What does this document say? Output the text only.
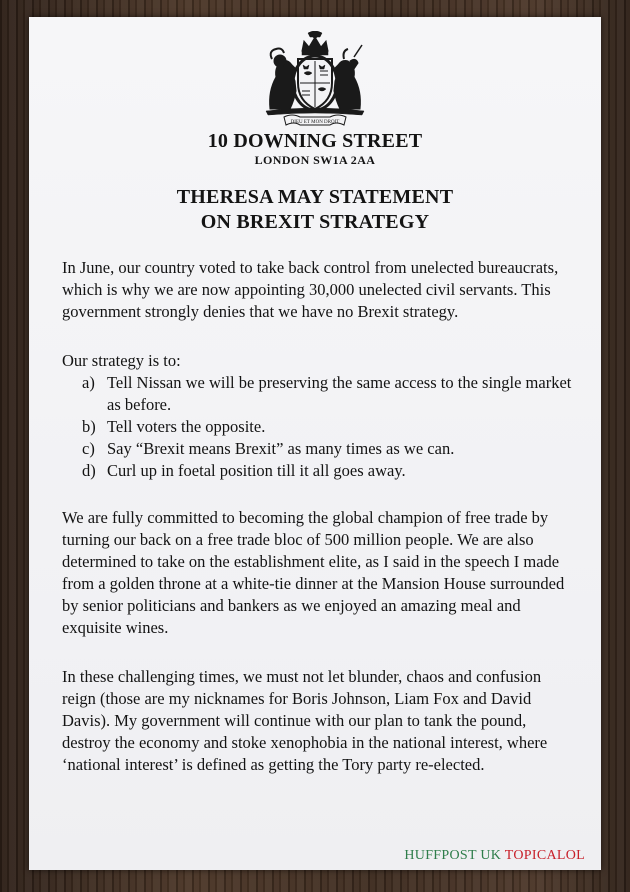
DIEU ET MON DROIT
10 DOWNING STREET
LONDON SW1A 2AA
THERESA MAY STATEMENT
ON BREXIT STRATEGY

In June, our country voted to take back control from unelected bureaucrats, which is why we are now appointing 30,000 unelected civil servants. This government strongly denies that we have no Brexit strategy.

Our strategy is to:

a) Tell Nissan we will be preserving the same access to the single market as before.
b) Tell voters the opposite.
c) Say “Brexit means Brexit” as many times as we can.
d) Curl up in foetal position till it all goes away.

We are fully committed to becoming the global champion of free trade by turning our back on a free trade bloc of 500 million people. We are also determined to take on the establishment elite, as I said in the speech I made from a golden throne at a white-tie dinner at the Mansion House surrounded by senior politicians and bankers as we enjoyed an amazing meal and exquisite wines.

In these challenging times, we must not let blunder, chaos and confusion reign (those are my nicknames for Boris Johnson, Liam Fox and David Davis). My government will continue with our plan to tank the pound, destroy the economy and stoke xenophobia in the national interest, where ‘national interest’ is defined as getting the Tory party re-elected.

HUFFPOST UK TOPICALOL
